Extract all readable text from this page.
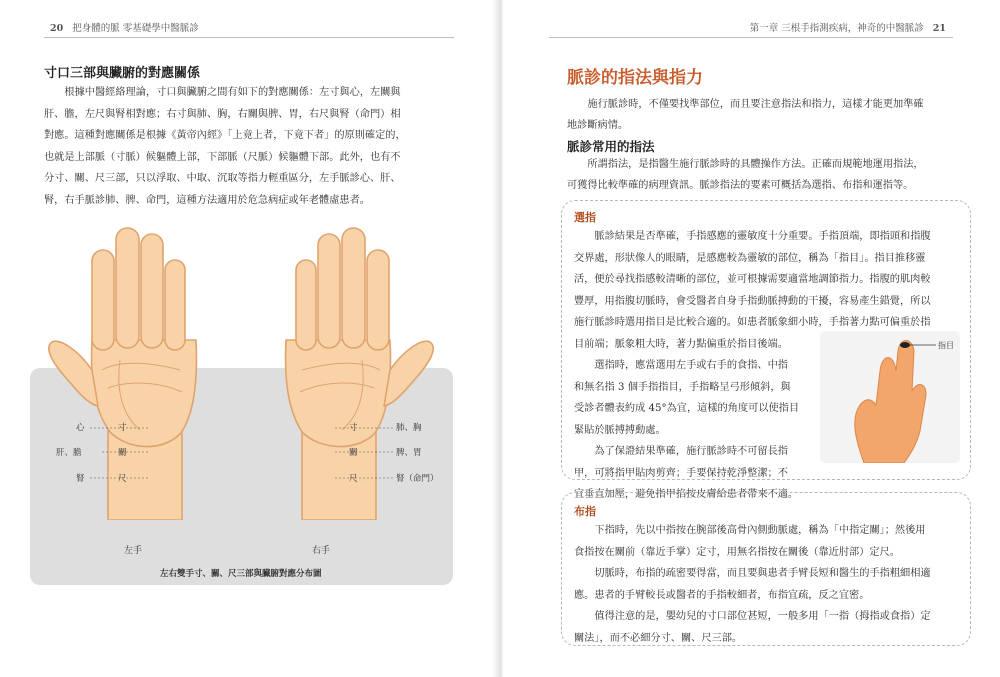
20 把身體的脈 零基礎學中醫脈診
寸口三部與臟腑的對應關係
根據中醫經絡理論，寸口與臟腑之間有如下的對應關係：左寸與心，左關與
肝、膽，左尺與腎相對應；右寸與肺、胸，右關與脾、胃，右尺與腎（命門）相
對應。這種對應關係是根據《黃帝內經》「上竟上者，下竟下者」的原則確定的，
也就是上部脈（寸脈）候軀體上部，下部脈（尺脈）候軀體下部。此外，也有不
分寸、關、尺三部，只以浮取、中取、沉取等指力輕重區分，左手脈診心、肝、
腎，右手脈診肺、脾、命門，這種方法適用於危急病症或年老體虛患者。
心
肝、膽
腎
寸
關
尺
寸
關
尺
肺、胸
脾、胃
腎（命門）
左手	右手
左右雙手寸、關、尺三部與臟腑對應分布圖
第一章 三根手指測疾病，神奇的中醫脈診 21
脈診的指法與指力
施行脈診時，不僅要找準部位，而且要注意指法和指力，這樣才能更加準確
地診斷病情。
脈診常用的指法
所謂指法，是指醫生施行脈診時的具體操作方法。正確而規範地運用指法，
可獲得比較準確的病理資訊。脈診指法的要素可概括為選指、布指和運指等。
選指
脈診結果是否準確，手指感應的靈敏度十分重要。手指頂端，即指頭和指腹
交界處，形狀像人的眼睛，是感應較為靈敏的部位，稱為「指目」。指目推移靈
活，便於尋找指感較清晰的部位，並可根據需要適當地調節指力。指腹的肌肉較
豐厚，用指腹切脈時，會受醫者自身手指動脈搏動的干擾，容易產生錯覺，所以
施行脈診時選用指目是比較合適的。如患者脈象細小時，手指著力點可偏重於指
目前端；脈象粗大時，著力點偏重於指目後端。
選指時，應當選用左手或右手的食指、中指
和無名指 3 個手指指目，手指略呈弓形傾斜，與
受診者體表約成 45°為宜，這樣的角度可以使指目
緊貼於脈搏搏動處。
為了保證結果準確，施行脈診時不可留長指
甲，可將指甲貼肉剪齊；手要保持乾淨整潔；不
宜垂直加壓，避免指甲掐按皮膚給患者帶來不適。
指目
布指
下指時，先以中指按在腕部後高骨內側動脈處，稱為「中指定關」；然後用
食指按在關前（靠近手掌）定寸，用無名指按在關後（靠近肘部）定尺。
切脈時，布指的疏密要得當，而且要與患者手臂長短和醫生的手指粗細相適
應。患者的手臂較長或醫者的手指較細者，布指宜疏，反之宜密。
值得注意的是，嬰幼兒的寸口部位甚短，一般多用「一指（拇指或食指）定
關法」，而不必細分寸、關、尺三部。
